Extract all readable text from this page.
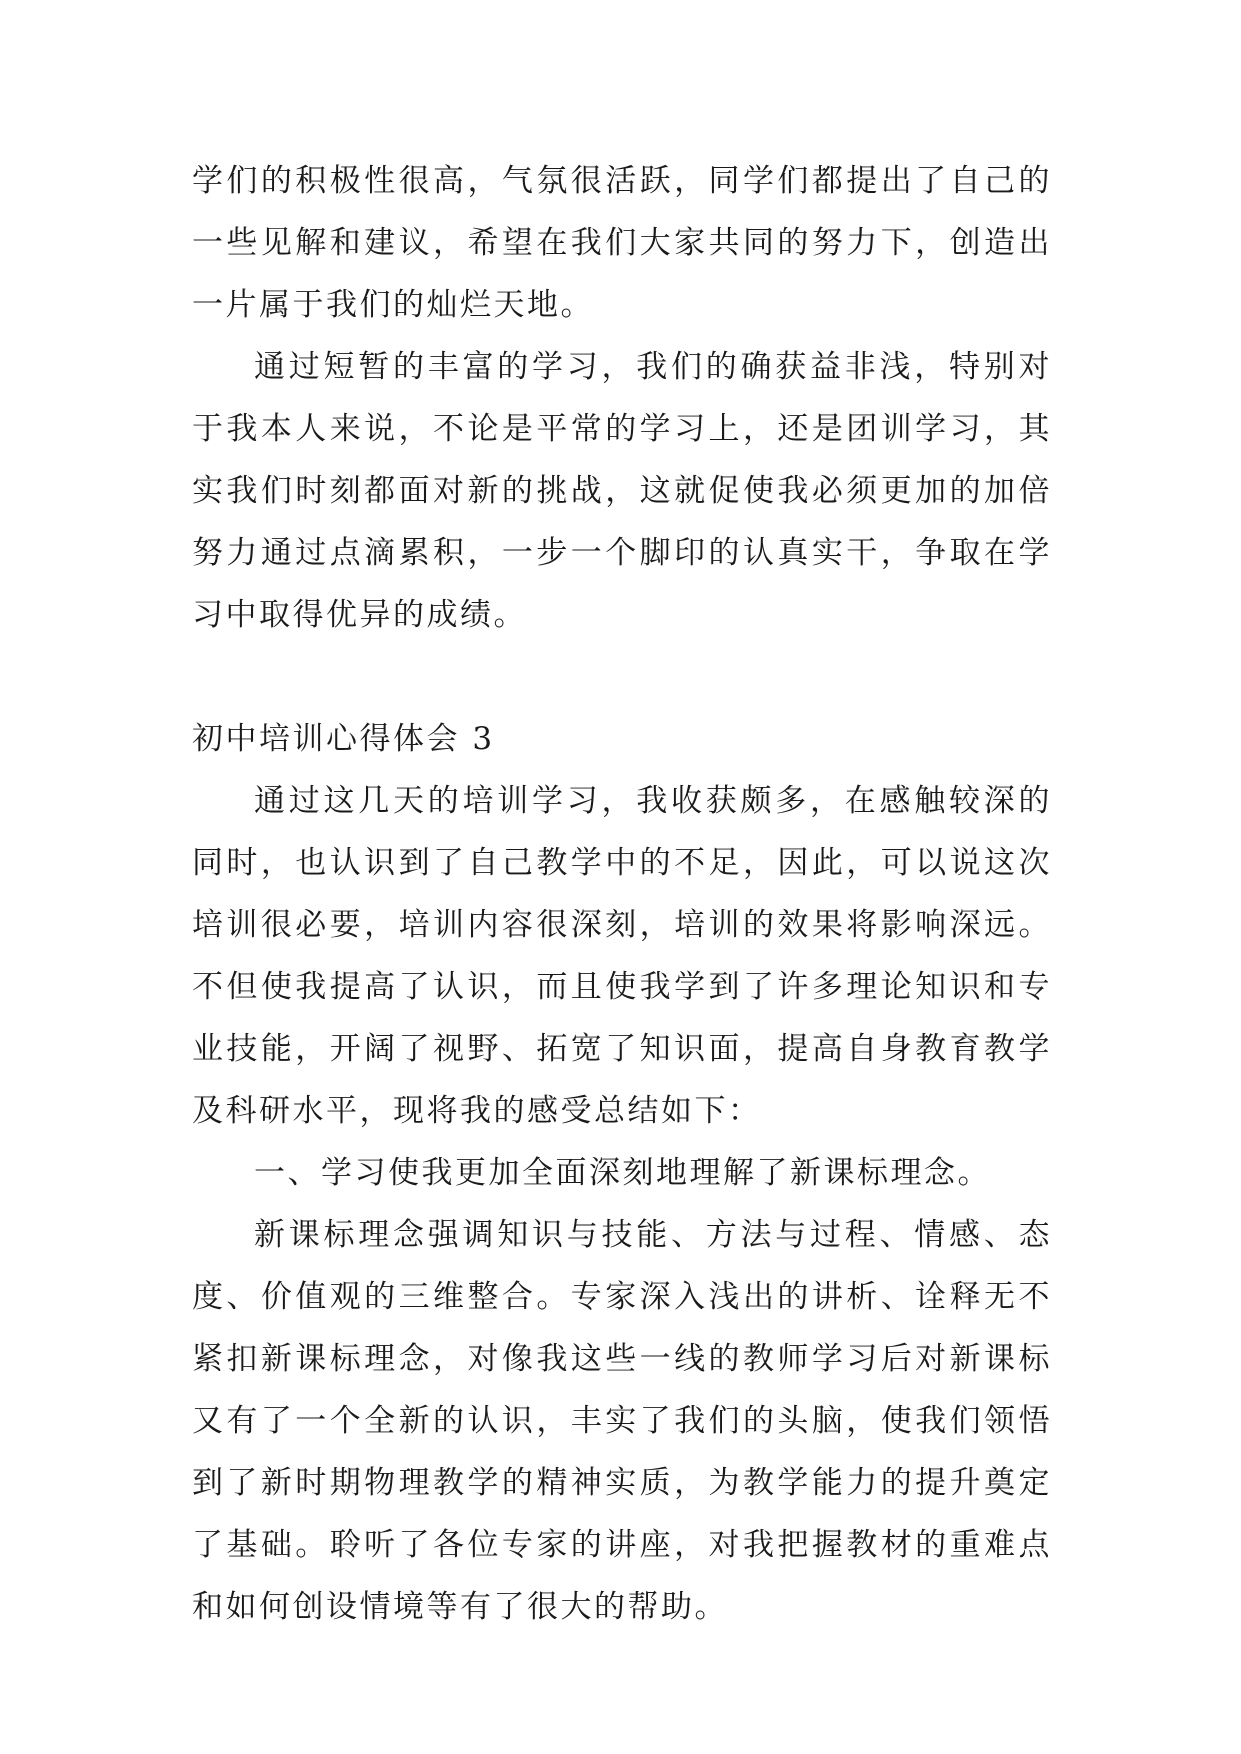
学们的积极性很高，气氛很活跃，同学们都提出了自己的一些见解和建议，希望在我们大家共同的努力下，创造出一片属于我们的灿烂天地。

通过短暂的丰富的学习，我们的确获益非浅，特别对于我本人来说，不论是平常的学习上，还是团训学习，其实我们时刻都面对新的挑战，这就促使我必须更加的加倍努力通过点滴累积，一步一个脚印的认真实干，争取在学习中取得优异的成绩。

初中培训心得体会 3

通过这几天的培训学习，我收获颇多，在感触较深的同时，也认识到了自己教学中的不足，因此，可以说这次培训很必要，培训内容很深刻，培训的效果将影响深远。不但使我提高了认识，而且使我学到了许多理论知识和专业技能，开阔了视野、拓宽了知识面，提高自身教育教学及科研水平，现将我的感受总结如下：

一、学习使我更加全面深刻地理解了新课标理念。

新课标理念强调知识与技能、方法与过程、情感、态度、价值观的三维整合。专家深入浅出的讲析、诠释无不紧扣新课标理念，对像我这些一线的教师学习后对新课标又有了一个全新的认识，丰实了我们的头脑，使我们领悟到了新时期物理教学的精神实质，为教学能力的提升奠定了基础。聆听了各位专家的讲座，对我把握教材的重难点和如何创设情境等有了很大的帮助。
